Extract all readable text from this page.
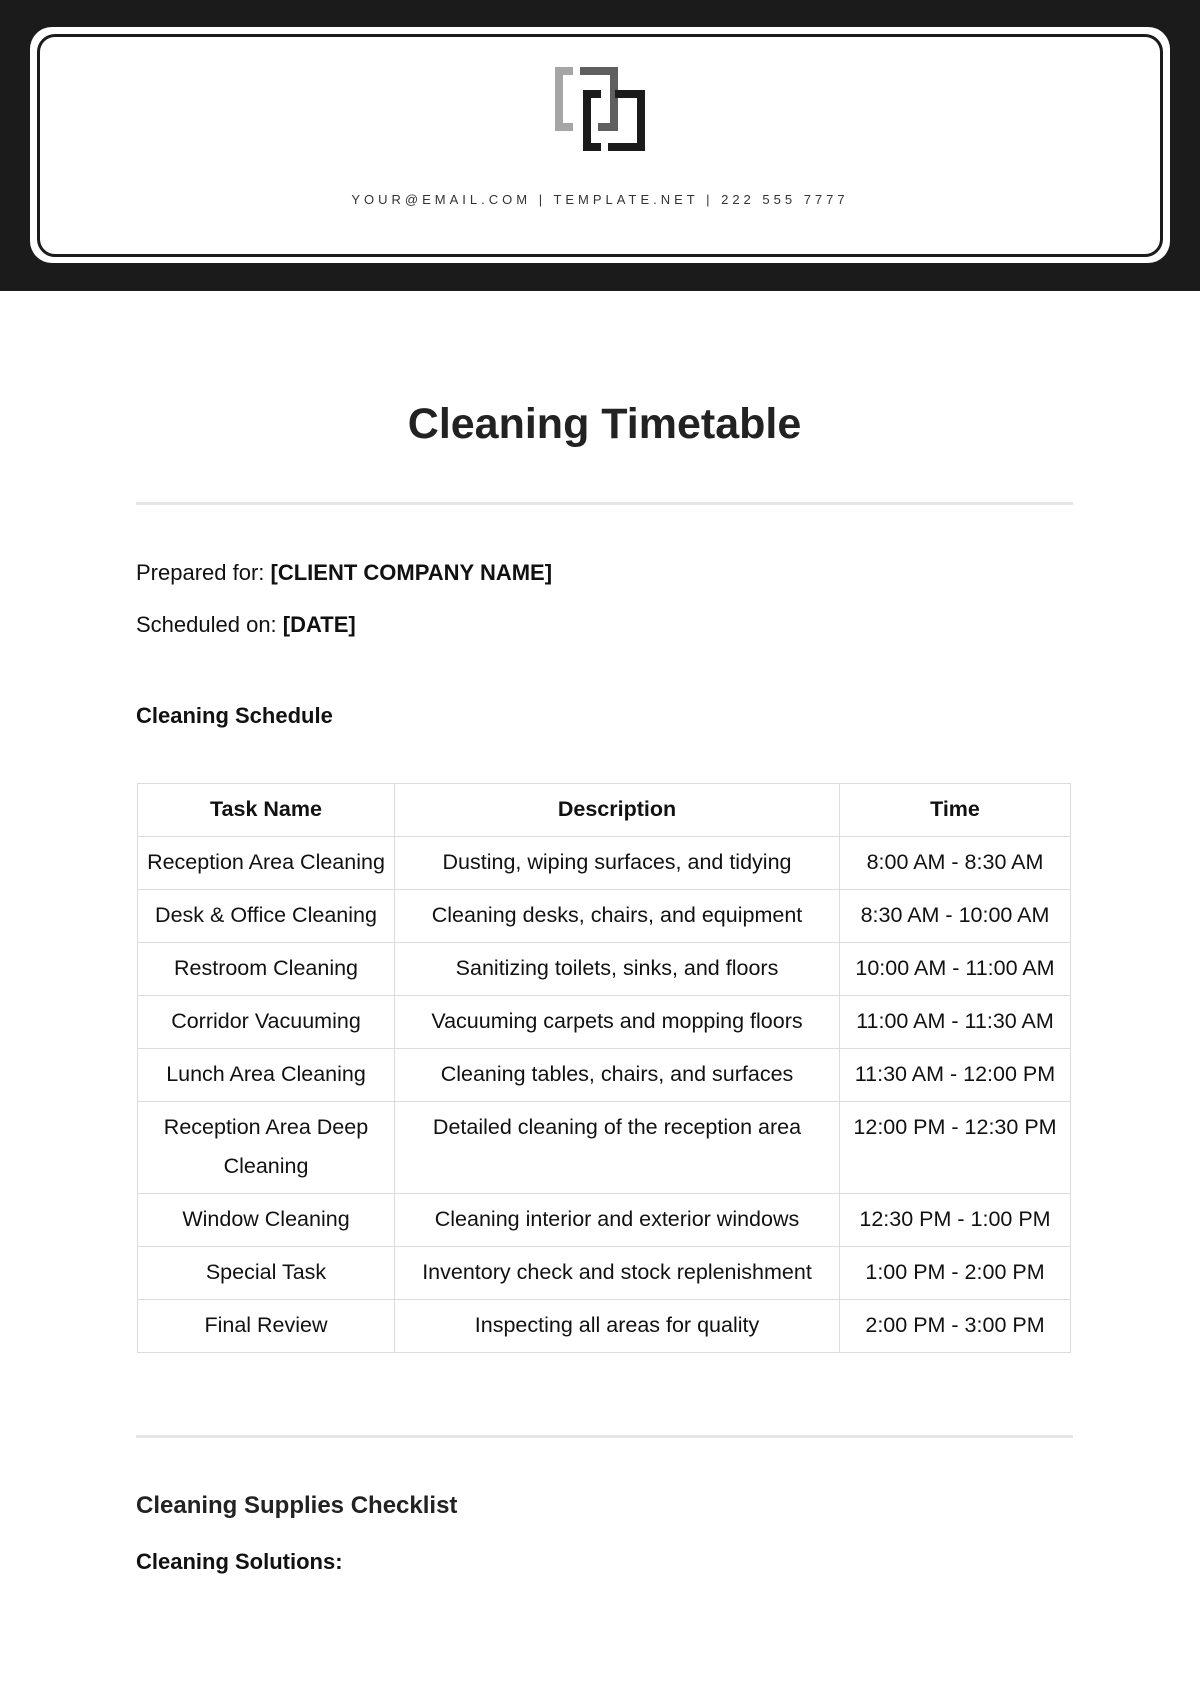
YOUR@EMAIL.COM | TEMPLATE.NET | 222 555 7777
Cleaning Timetable
Prepared for: [CLIENT COMPANY NAME]
Scheduled on: [DATE]
Cleaning Schedule
Task Name	Description	Time
Reception Area Cleaning	Dusting, wiping surfaces, and tidying	8:00 AM - 8:30 AM
Desk & Office Cleaning	Cleaning desks, chairs, and equipment	8:30 AM - 10:00 AM
Restroom Cleaning	Sanitizing toilets, sinks, and floors	10:00 AM - 11:00 AM
Corridor Vacuuming	Vacuuming carpets and mopping floors	11:00 AM - 11:30 AM
Lunch Area Cleaning	Cleaning tables, chairs, and surfaces	11:30 AM - 12:00 PM
Reception Area Deep Cleaning	Detailed cleaning of the reception area	12:00 PM - 12:30 PM
Window Cleaning	Cleaning interior and exterior windows	12:30 PM - 1:00 PM
Special Task	Inventory check and stock replenishment	1:00 PM - 2:00 PM
Final Review	Inspecting all areas for quality	2:00 PM - 3:00 PM
Cleaning Supplies Checklist
Cleaning Solutions:
